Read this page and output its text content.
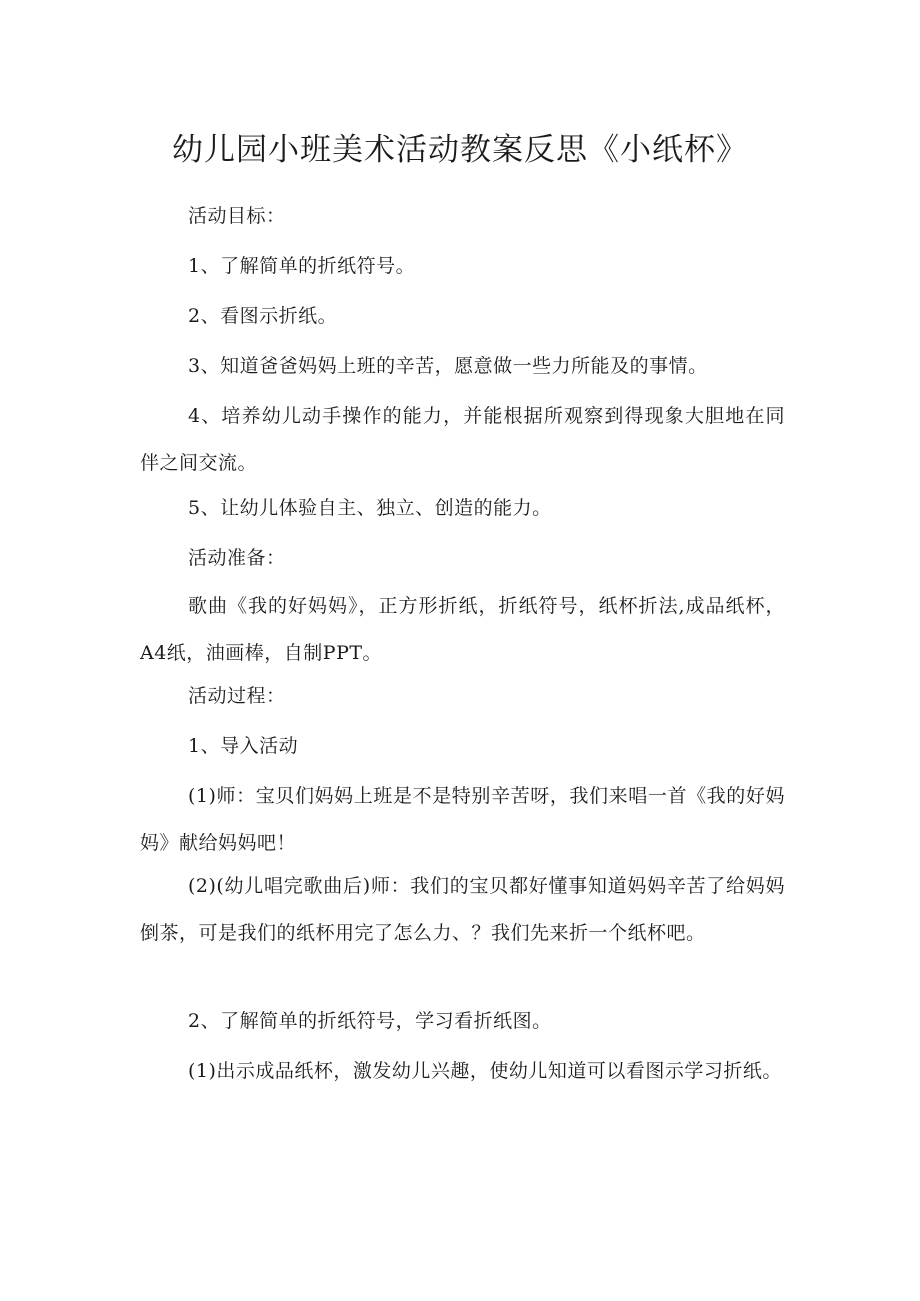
幼儿园小班美术活动教案反思《小纸杯》

活动目标：

1、了解简单的折纸符号。

2、看图示折纸。

3、知道爸爸妈妈上班的辛苦，愿意做一些力所能及的事情。

4、培养幼儿动手操作的能力，并能根据所观察到得现象大胆地在同伴之间交流。

5、让幼儿体验自主、独立、创造的能力。

活动准备：

歌曲《我的好妈妈》，正方形折纸，折纸符号，纸杯折法,成品纸杯，A4纸，油画棒，自制PPT。

活动过程：

1、导入活动

(1)师：宝贝们妈妈上班是不是特别辛苦呀，我们来唱一首《我的好妈妈》献给妈妈吧！

(2)(幼儿唱完歌曲后)师：我们的宝贝都好懂事知道妈妈辛苦了给妈妈倒茶，可是我们的纸杯用完了怎么力、？我们先来折一个纸杯吧。

2、了解简单的折纸符号，学习看折纸图。

(1)出示成品纸杯，激发幼儿兴趣，使幼儿知道可以看图示学习折纸。
